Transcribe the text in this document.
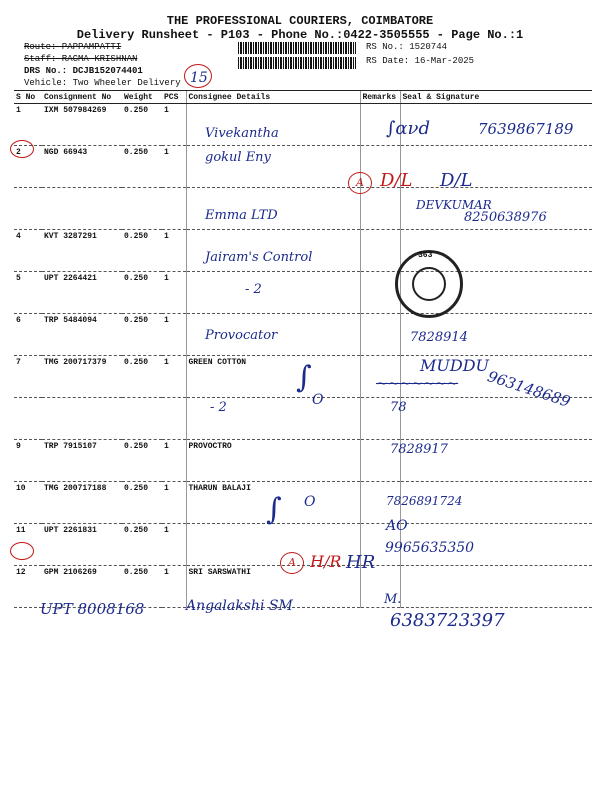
THE PROFESSIONAL COURIERS, COIMBATORE
Delivery Runsheet - P103 - Phone No.:0422-3505555 - Page No.:1
Route: PAPPAMPATTI
Staff: RAGMA KRISHNAN
DRS No.: DCJB152074401
Vehicle: Two Wheeler Delivery
RS No.: 1520744
RS Date: 16-Mar-2025
S No	Consignment No	Weight	PCS	Consignee Details	Remarks	Seal & Signature
1	IXM 507984269	0.250	1			
2	NGD 66943	0.250	1			

4	KVT 3287291	0.250	1			
5	UPT 2264421	0.250	1			
6	TRP 5484094	0.250	1			
7	TMG 200717379	0.250	1	GREEN COTTON		

9	TRP 7915107	0.250	1	PROVOCTRO		
10	TMG 200717188	0.250	1	THARUN BALAJI		
11	UPT 2261831	0.250	1			
12	GPM 2106269	0.250	1	SRI SARSWATHI		
15
Vivekantha
gokul Eny
A D/L D/L
DEVKUMAR
8250638976
Emma LTD
Jairam's Control
- 2
Provocator
∫ανd	7639867189
7828914
MUDDU
~~~~~~~ 963148689
78
- 2
∫
O
7828917
7826891724
AO
9965635350
∫ O
A H/R HR
UPT 8008168	Angalakshi SM	M.
6383723397
363
